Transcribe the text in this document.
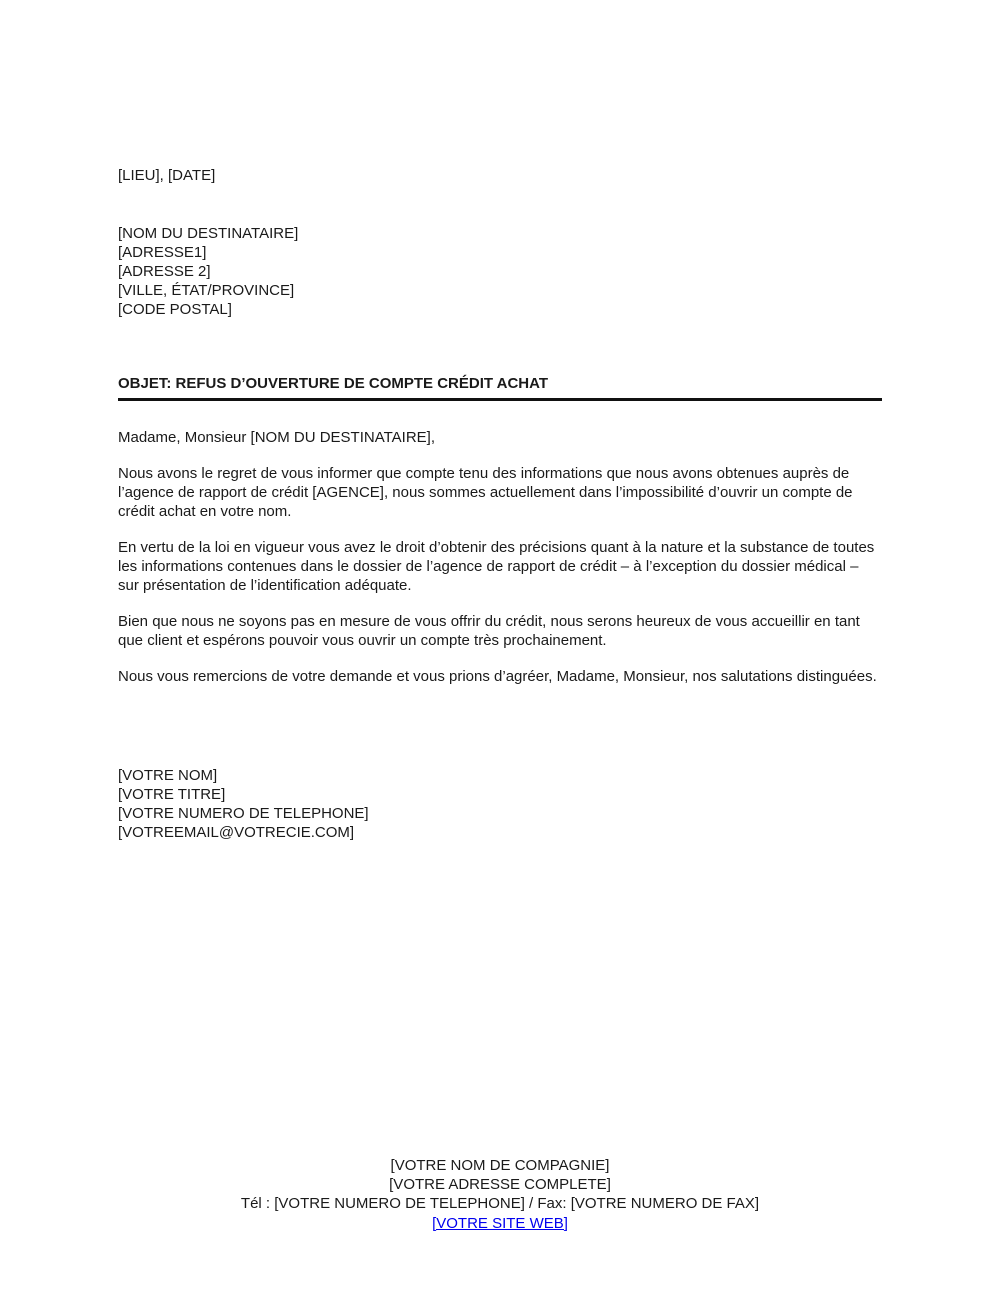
[LIEU], [DATE]
[NOM DU DESTINATAIRE]
[ADRESSE1]
[ADRESSE 2]
[VILLE, ÉTAT/PROVINCE]
[CODE POSTAL]
OBJET: REFUS D’OUVERTURE DE COMPTE CRÉDIT ACHAT

Madame, Monsieur [NOM DU DESTINATAIRE],

Nous avons le regret de vous informer que compte tenu des informations que nous avons obtenues auprès de l’agence de rapport de crédit [AGENCE], nous sommes actuellement dans l’impossibilité d’ouvrir un compte de crédit achat en votre nom.

En vertu de la loi en vigueur vous avez le droit d’obtenir des précisions quant à la nature et la substance de toutes les informations contenues dans le dossier de l’agence de rapport de crédit – à l’exception du dossier médical – sur présentation de l’identification adéquate.

Bien que nous ne soyons pas en mesure de vous offrir du crédit, nous serons heureux de vous accueillir en tant que client et espérons pouvoir vous ouvrir un compte très prochainement.

Nous vous remercions de votre demande et vous prions d’agréer, Madame, Monsieur, nos salutations distinguées.

[VOTRE NOM]
[VOTRE TITRE]
[VOTRE NUMERO DE TELEPHONE]
[VOTREEMAIL@VOTRECIE.COM]
[VOTRE NOM DE COMPAGNIE]
[VOTRE ADRESSE COMPLETE]
Tél : [VOTRE NUMERO DE TELEPHONE] / Fax: [VOTRE NUMERO DE FAX]
[VOTRE SITE WEB]
